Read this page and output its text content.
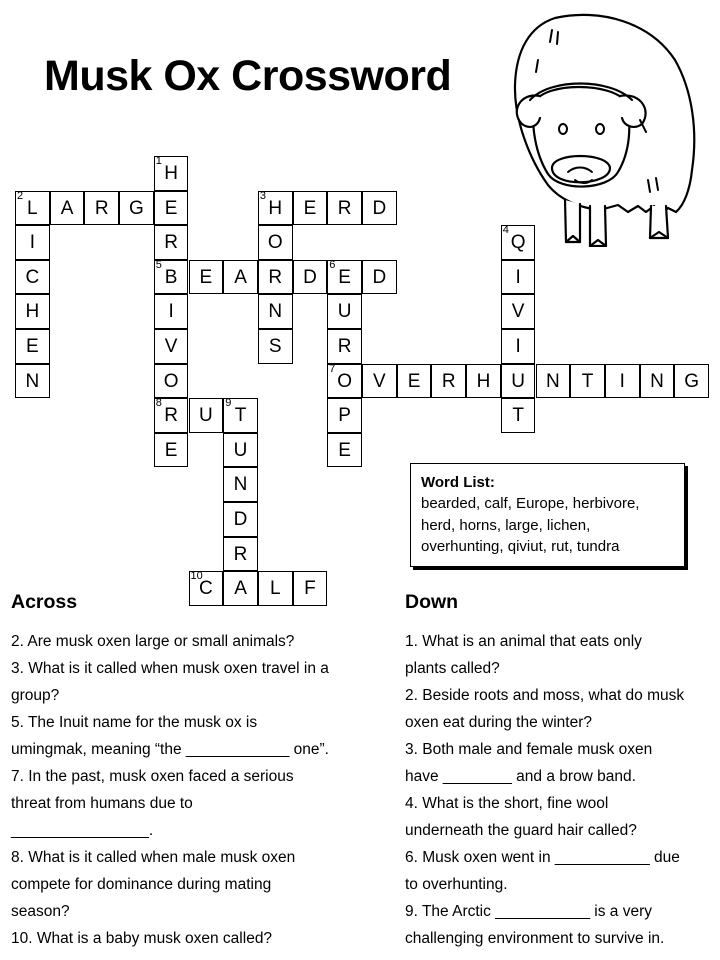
Musk Ox Crossword
1
H
2
L	A	R	G	E
3
H	E	R	D
I	R	O
4
Q
C
5
B	E	A	R	D
6
E	D	I
H	I	N	U	V
E	V	S	R	I
N	O
7
O	V	E	R	H	U	N	T	I	N	G
8
R	U
9
T	P	T
E	U	E
N
D
R
10
C	A	L	F
Word List:
bearded, calf, Europe, herbivore,
herd, horns, large, lichen,
overhunting, qiviut, rut, tundra
Across	Down
2. Are musk oxen large or small animals?
3. What is it called when musk oxen travel in a
group?
5. The Inuit name for the musk ox is
umingmak, meaning “the ____________ one”.
7. In the past, musk oxen faced a serious
threat from humans due to
________________.
8. What is it called when male musk oxen
compete for dominance during mating
season?
10. What is a baby musk oxen called?
1. What is an animal that eats only
plants called?
2. Beside roots and moss, what do musk
oxen eat during the winter?
3. Both male and female musk oxen
have ________ and a brow band.
4. What is the short, fine wool
underneath the guard hair called?
6. Musk oxen went in ___________ due
to overhunting.
9. The Arctic ___________ is a very
challenging environment to survive in.
